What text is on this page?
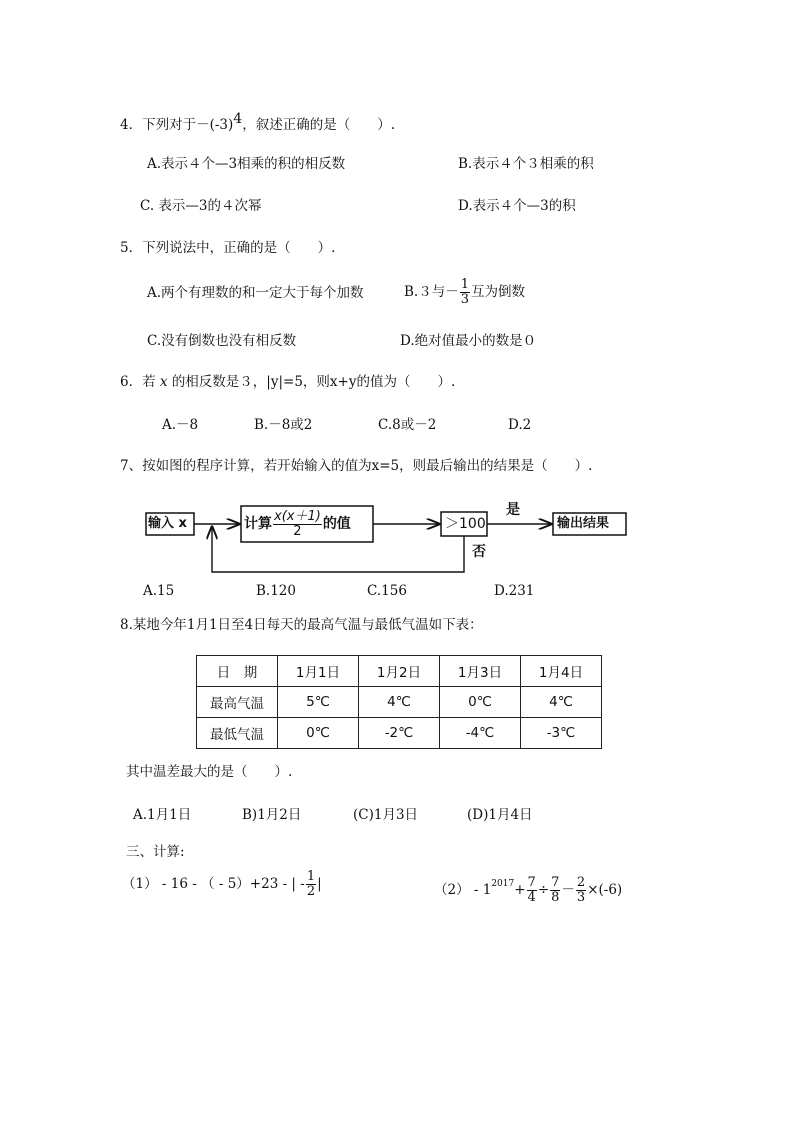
4．下列对于$-(-3)^4$，叙述正确的是（　　）.
A.表示４个—3相乘的积的相反数	B.表示４个３相乘的积
C. 表示—3的４次幂	D.表示４个—3的积
5．下列说法中，正确的是（　　）.
A.两个有理数的和一定大于每个加数	B.３与－ $\frac{1}{3}$ 互为倒数
C.没有倒数也没有相反数	D.绝对值最小的数是０
6．若 x 的相反数是３，|y|=5，则x+y的值为（　　）.
A.－8	B.－8或2	C.8或－2	D.2
7、按如图的程序计算，若开始输入的值为x=5，则最后输出的结果是（　　）.
输入 x	计算 $\frac{x(x+1)}{2}$ 的值	＞100
是
否
输出结果
A.15	B.120	C.156	D.231
8.某地今年1月1日至4日每天的最高气温与最低气温如下表：
日　期	1月1日	1月2日	1月3日	1月4日
最高气温	5℃	4℃	0℃	4℃
最低气温	0℃	-2℃	-4℃	-3℃
其中温差最大的是（　　）.
A.1月1日	B)1月2日	(C)1月3日	(D)1月4日
三、计算:
（1） - 16 - （ - 5）+23 - | - $\frac{1}{2}$ |	$(2) - 1^{2017}+ \frac{7}{4} \div \frac{7}{8} - \frac{2}{3} \times(-6)$
